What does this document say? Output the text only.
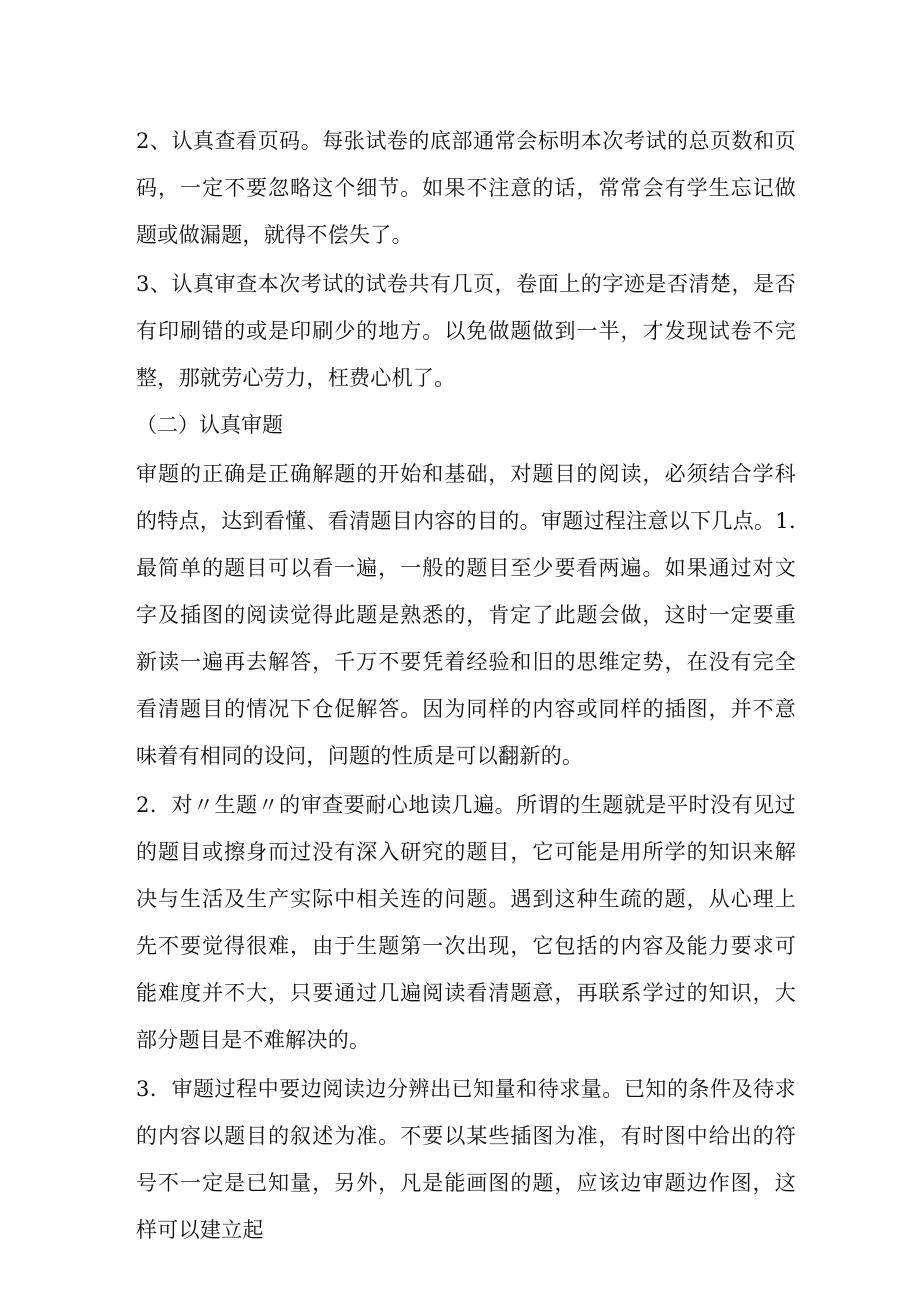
2、认真查看页码。每张试卷的底部通常会标明本次考试的总页数和页码，一定不要忽略这个细节。如果不注意的话，常常会有学生忘记做题或做漏题，就得不偿失了。

3、认真审查本次考试的试卷共有几页，卷面上的字迹是否清楚，是否有印刷错的或是印刷少的地方。以免做题做到一半，才发现试卷不完整，那就劳心劳力，枉费心机了。

（二）认真审题

审题的正确是正确解题的开始和基础，对题目的阅读，必须结合学科的特点，达到看懂、看清题目内容的目的。审题过程注意以下几点。1.最简单的题目可以看一遍，一般的题目至少要看两遍。如果通过对文字及插图的阅读觉得此题是熟悉的，肯定了此题会做，这时一定要重新读一遍再去解答，千万不要凭着经验和旧的思维定势，在没有完全看清题目的情况下仓促解答。因为同样的内容或同样的插图，并不意味着有相同的设问，问题的性质是可以翻新的。

2．对〃生题〃的审查要耐心地读几遍。所谓的生题就是平时没有见过的题目或擦身而过没有深入研究的题目，它可能是用所学的知识来解决与生活及生产实际中相关连的问题。遇到这种生疏的题，从心理上先不要觉得很难，由于生题第一次出现，它包括的内容及能力要求可能难度并不大，只要通过几遍阅读看清题意，再联系学过的知识，大部分题目是不难解决的。

3．审题过程中要边阅读边分辨出已知量和待求量。已知的条件及待求的内容以题目的叙述为准。不要以某些插图为准，有时图中给出的符号不一定是已知量，另外，凡是能画图的题，应该边审题边作图，这样可以建立起
